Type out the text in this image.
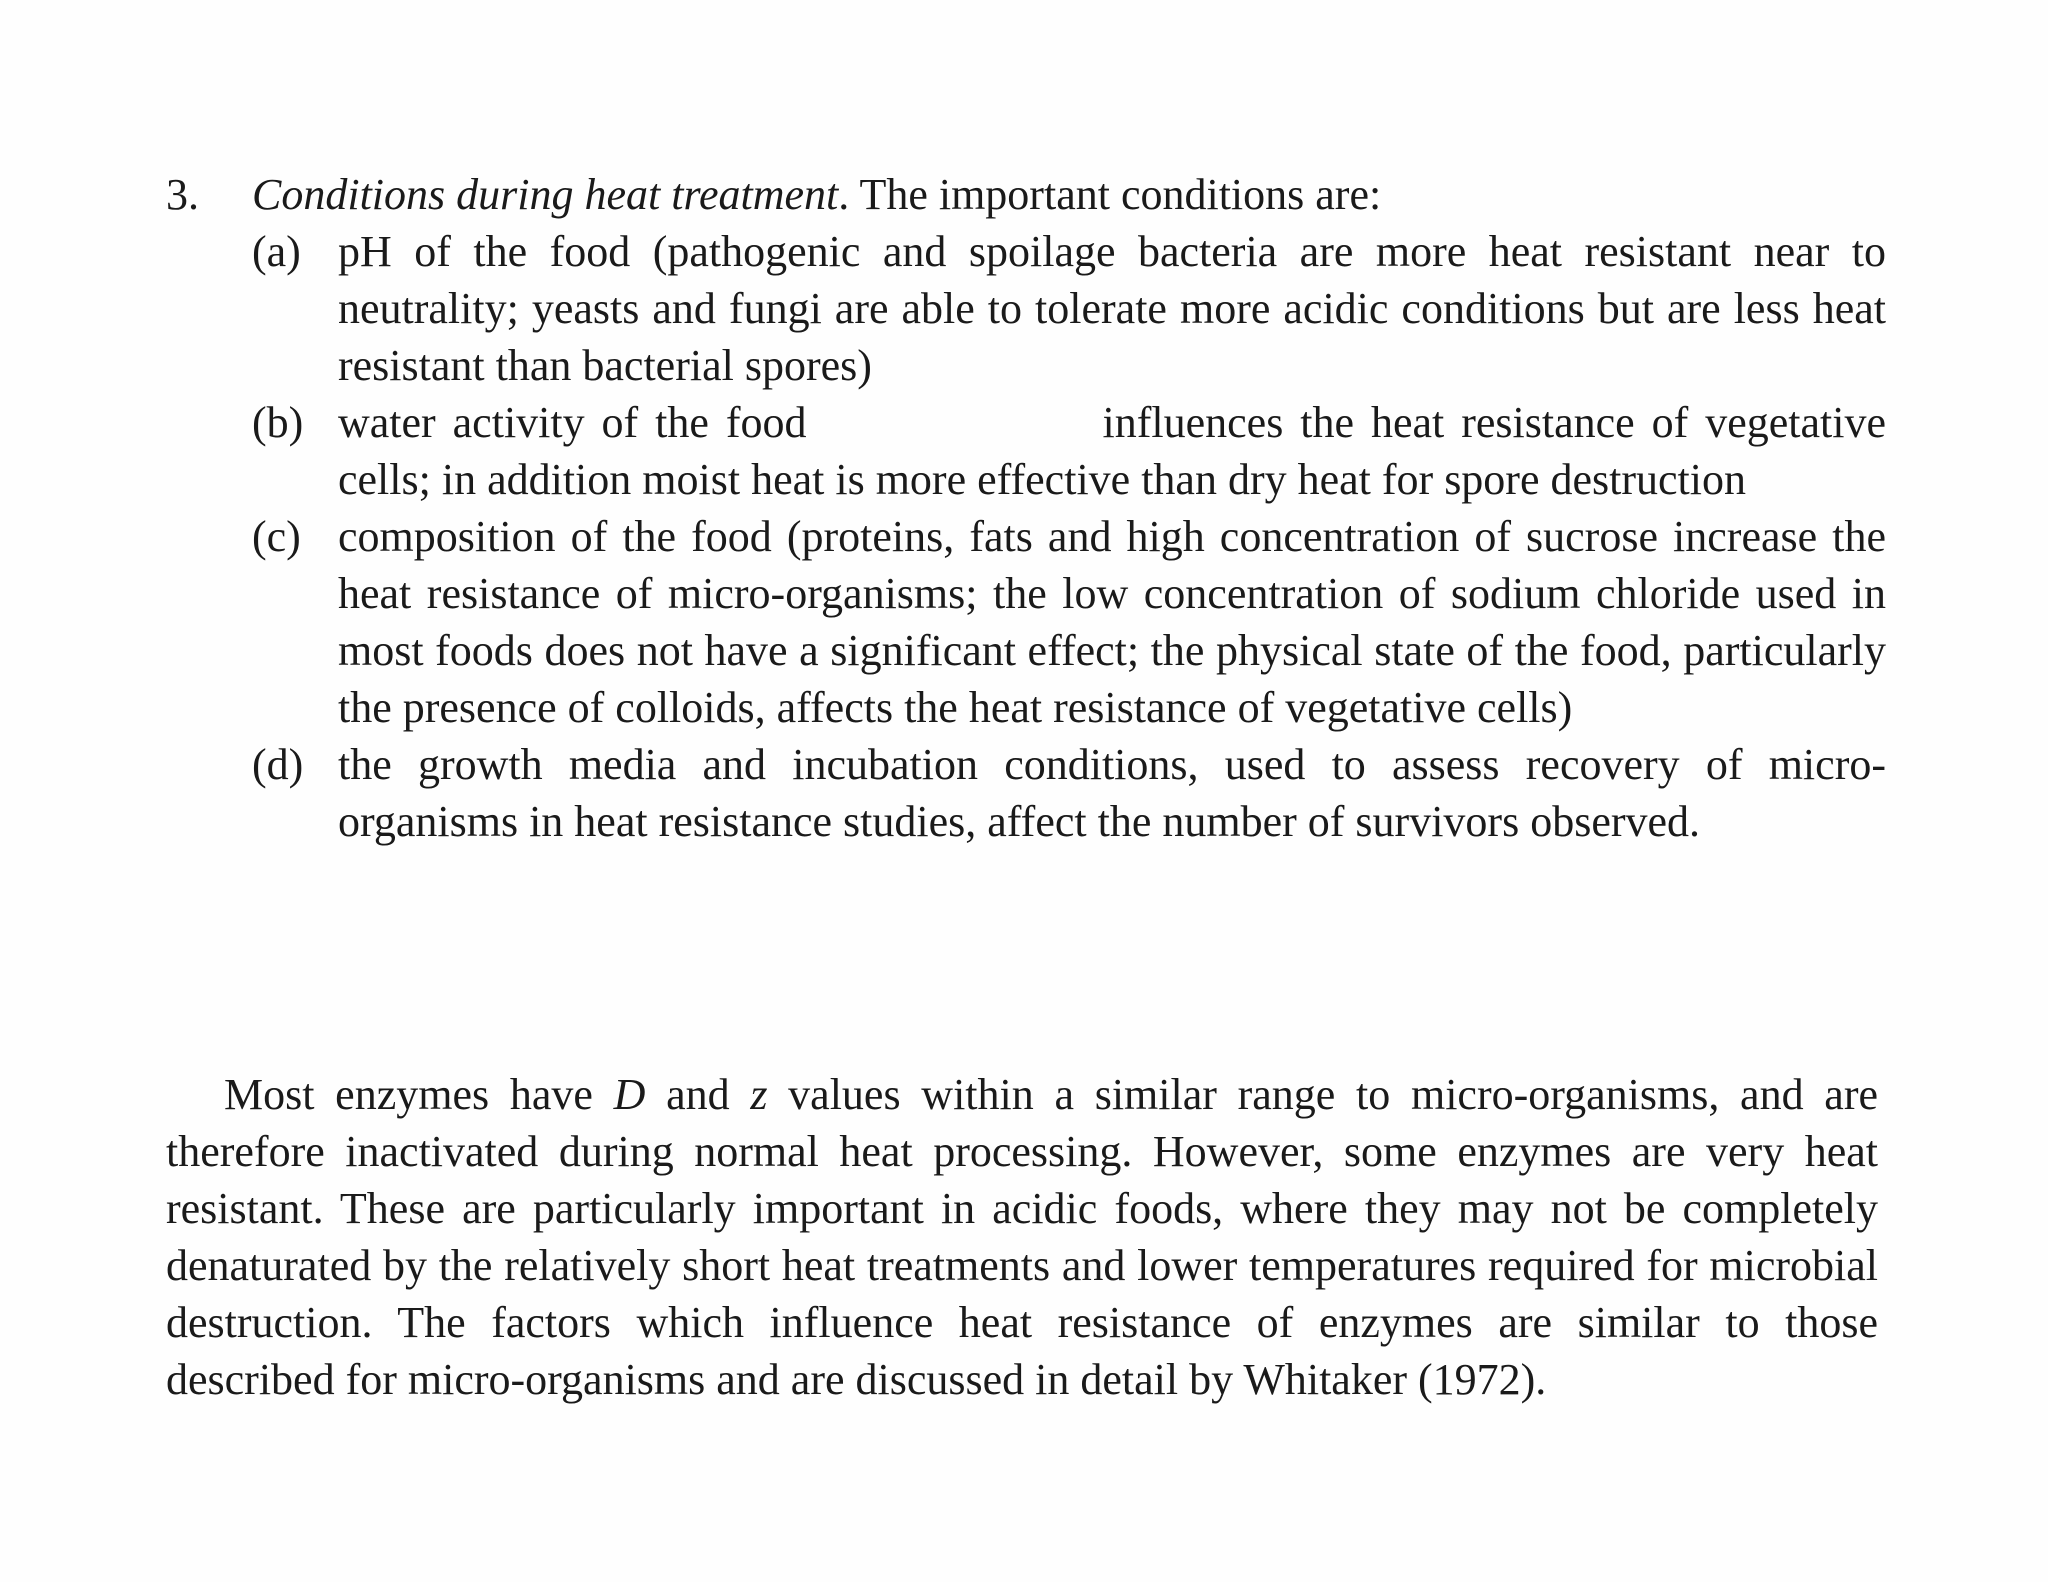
3.	Conditions during heat treatment. The important conditions are:
(a) pH of the food (pathogenic and spoilage bacteria are more heat resistant near to neutrality; yeasts and fungi are able to tolerate more acidic conditions but are less heat resistant than bacterial spores)
(b) water activity of the food	influences the heat resistance of vegetative cells; in addition moist heat is more effective than dry heat for spore destruction
(c) composition of the food (proteins, fats and high concentration of sucrose increase the heat resistance of micro-organisms; the low concentration of sodium chloride used in most foods does not have a significant effect; the physical state of the food, particularly the presence of colloids, affects the heat resistance of vegetative cells)
(d) the growth media and incubation conditions, used to assess recovery of micro-organisms in heat resistance studies, affect the number of survivors observed.

Most enzymes have D and z values within a similar range to micro-organisms, and are therefore inactivated during normal heat processing. However, some enzymes are very heat resistant. These are particularly important in acidic foods, where they may not be completely denaturated by the relatively short heat treatments and lower temperatures required for microbial destruction. The factors which influence heat resistance of enzymes are similar to those described for micro-organisms and are discussed in detail by Whitaker (1972).
